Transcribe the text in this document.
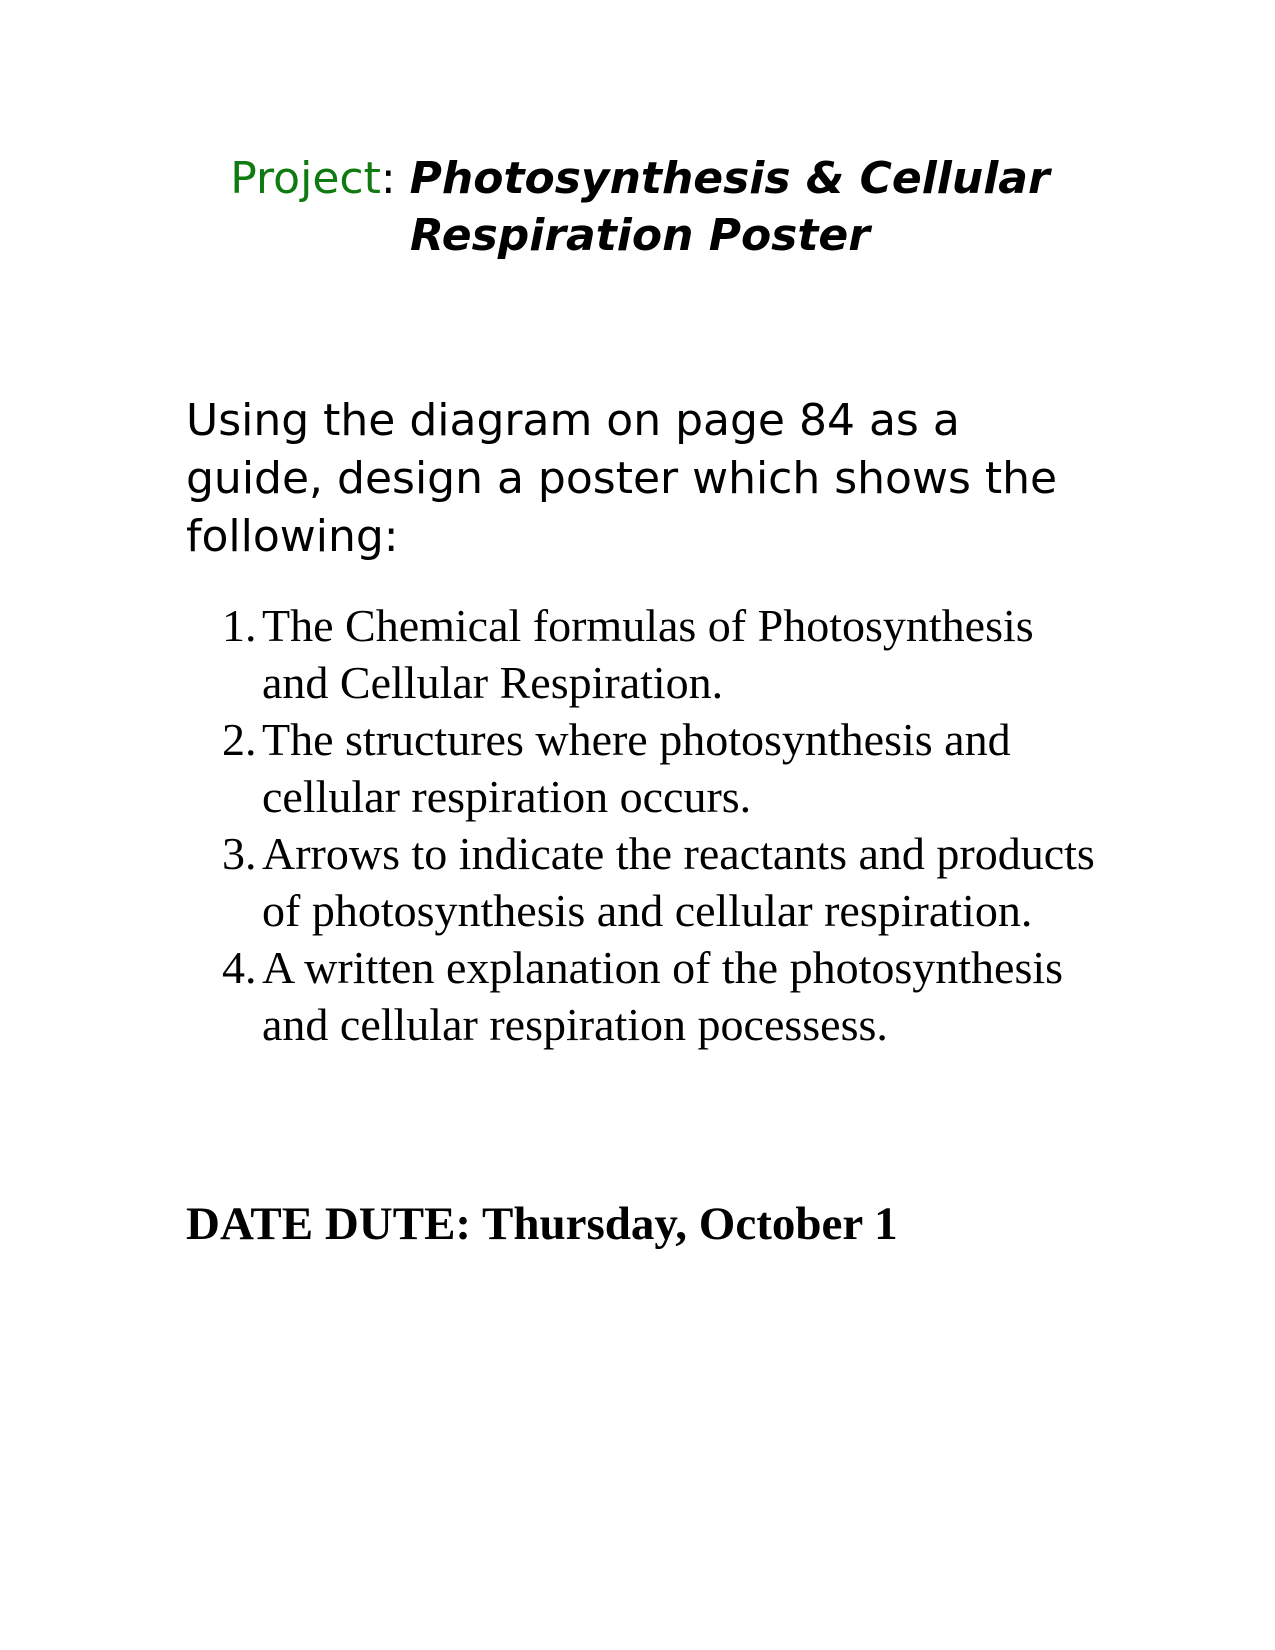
Project: Photosynthesis & Cellular
Respiration Poster

Using the diagram on page 84 as a guide, design a poster which shows the following:

1. The Chemical formulas of Photosynthesis and Cellular Respiration.
2. The structures where photosynthesis and cellular respiration occurs.
3. Arrows to indicate the reactants and products of photosynthesis and cellular respiration.
4. A written explanation of the photosynthesis and cellular respiration pocessess.

DATE DUTE: Thursday, October 1
